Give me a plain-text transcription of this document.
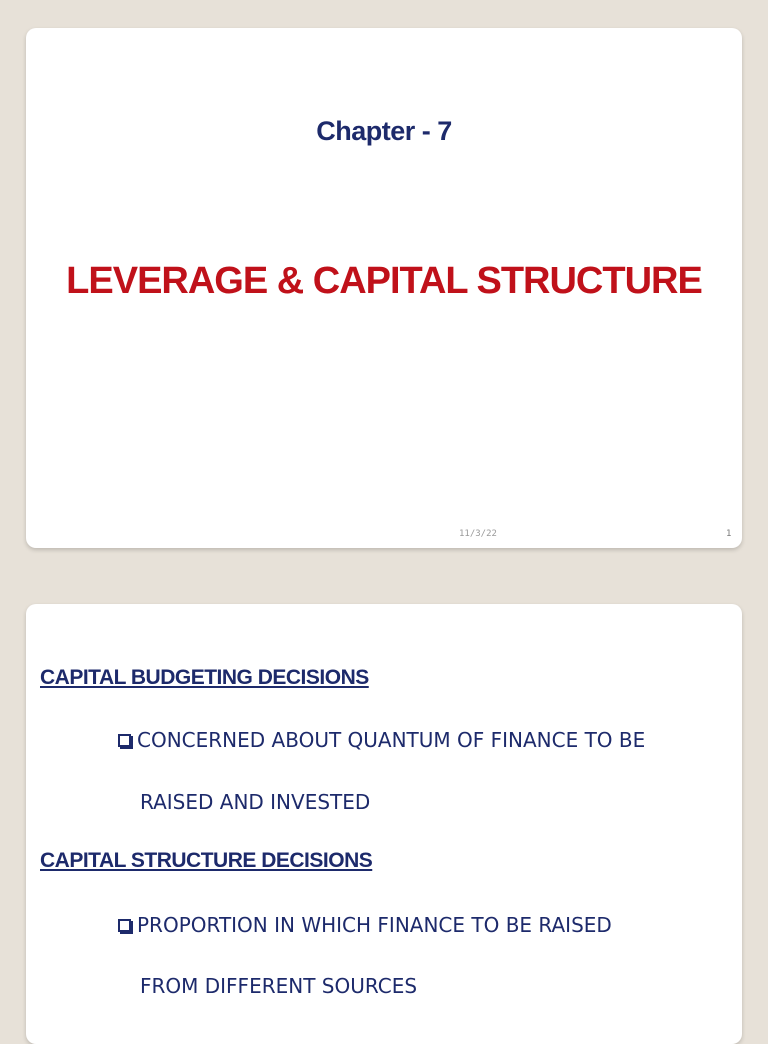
Chapter - 7
LEVERAGE & CAPITAL STRUCTURE
11/3/22	1
CAPITAL BUDGETING DECISIONS
CONCERNED ABOUT QUANTUM OF FINANCE TO BE
RAISED AND INVESTED
CAPITAL STRUCTURE DECISIONS
PROPORTION IN WHICH FINANCE TO BE RAISED
FROM DIFFERENT SOURCES
